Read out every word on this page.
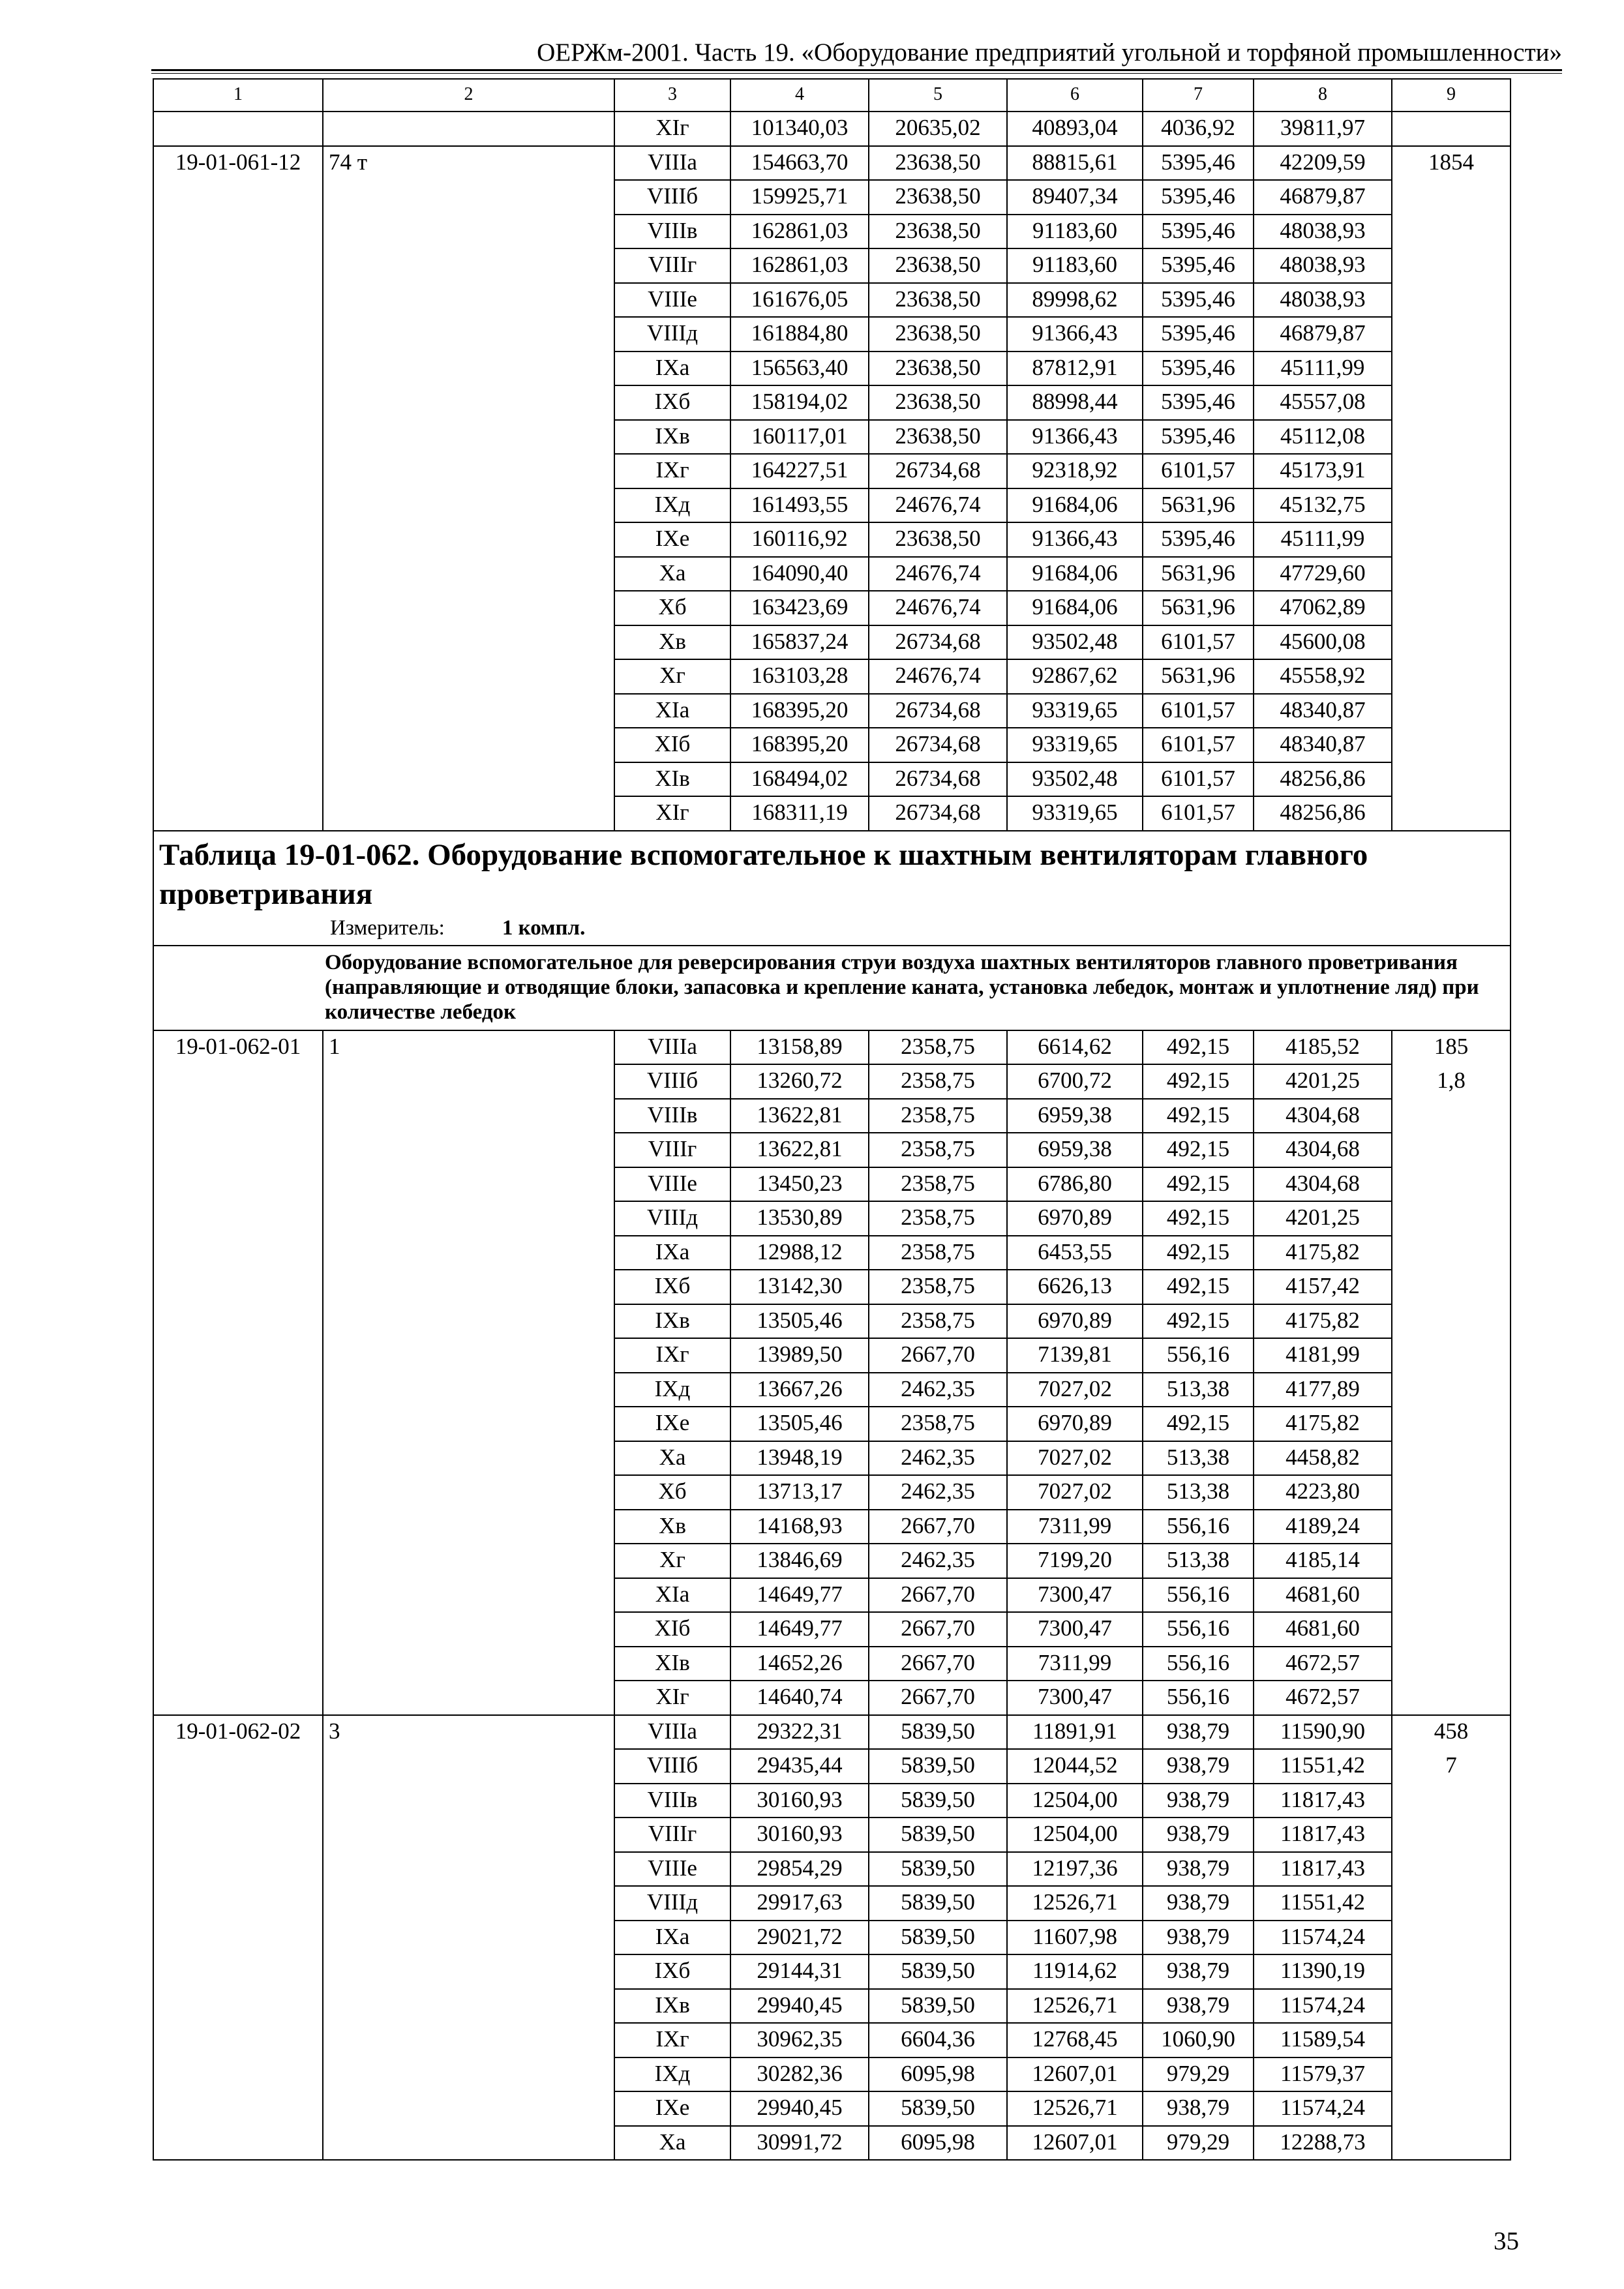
ОЕРЖм-2001. Часть 19. «Оборудование предприятий угольной и торфяной промышленности»
1	2	3	4	5	6	7	8	9
		XIг	101340,03	20635,02	40893,04	4036,92	39811,97	
19-01-061-12	74 т	VIIIа	154663,70	23638,50	88815,61	5395,46	42209,59	1854
		VIIIб	159925,71	23638,50	89407,34	5395,46	46879,87	
		VIIIв	162861,03	23638,50	91183,60	5395,46	48038,93	
		VIIIг	162861,03	23638,50	91183,60	5395,46	48038,93	
		VIIIе	161676,05	23638,50	89998,62	5395,46	48038,93	
		VIIIд	161884,80	23638,50	91366,43	5395,46	46879,87	
		IXа	156563,40	23638,50	87812,91	5395,46	45111,99	
		IXб	158194,02	23638,50	88998,44	5395,46	45557,08	
		IXв	160117,01	23638,50	91366,43	5395,46	45112,08	
		IXг	164227,51	26734,68	92318,92	6101,57	45173,91	
		IXд	161493,55	24676,74	91684,06	5631,96	45132,75	
		IXе	160116,92	23638,50	91366,43	5395,46	45111,99	
		Xа	164090,40	24676,74	91684,06	5631,96	47729,60	
		Xб	163423,69	24676,74	91684,06	5631,96	47062,89	
		Xв	165837,24	26734,68	93502,48	6101,57	45600,08	
		Xг	163103,28	24676,74	92867,62	5631,96	45558,92	
		XIа	168395,20	26734,68	93319,65	6101,57	48340,87	
		XIб	168395,20	26734,68	93319,65	6101,57	48340,87	
		XIв	168494,02	26734,68	93502,48	6101,57	48256,86	
		XIг	168311,19	26734,68	93319,65	6101,57	48256,86	

Таблица 19-01-062. Оборудование вспомогательное к шахтным вентиляторам главного проветривания
Измеритель: 1 компл.								

Оборудование вспомогательное для реверсирования струи воздуха шахтных вентиляторов главного проветривания (направляющие и отводящие блоки, запасовка и крепление каната, установка лебедок, монтаж и уплотнение ляд) при количестве лебедок								
19-01-062-01	1	VIIIа	13158,89	2358,75	6614,62	492,15	4185,52	185
		VIIIб	13260,72	2358,75	6700,72	492,15	4201,25	1,8
		VIIIв	13622,81	2358,75	6959,38	492,15	4304,68	
		VIIIг	13622,81	2358,75	6959,38	492,15	4304,68	
		VIIIе	13450,23	2358,75	6786,80	492,15	4304,68	
		VIIIд	13530,89	2358,75	6970,89	492,15	4201,25	
		IXа	12988,12	2358,75	6453,55	492,15	4175,82	
		IXб	13142,30	2358,75	6626,13	492,15	4157,42	
		IXв	13505,46	2358,75	6970,89	492,15	4175,82	
		IXг	13989,50	2667,70	7139,81	556,16	4181,99	
		IXд	13667,26	2462,35	7027,02	513,38	4177,89	
		IXе	13505,46	2358,75	6970,89	492,15	4175,82	
		Xа	13948,19	2462,35	7027,02	513,38	4458,82	
		Xб	13713,17	2462,35	7027,02	513,38	4223,80	
		Xв	14168,93	2667,70	7311,99	556,16	4189,24	
		Xг	13846,69	2462,35	7199,20	513,38	4185,14	
		XIа	14649,77	2667,70	7300,47	556,16	4681,60	
		XIб	14649,77	2667,70	7300,47	556,16	4681,60	
		XIв	14652,26	2667,70	7311,99	556,16	4672,57	
		XIг	14640,74	2667,70	7300,47	556,16	4672,57	
19-01-062-02	3	VIIIа	29322,31	5839,50	11891,91	938,79	11590,90	458
		VIIIб	29435,44	5839,50	12044,52	938,79	11551,42	7
		VIIIв	30160,93	5839,50	12504,00	938,79	11817,43	
		VIIIг	30160,93	5839,50	12504,00	938,79	11817,43	
		VIIIе	29854,29	5839,50	12197,36	938,79	11817,43	
		VIIIд	29917,63	5839,50	12526,71	938,79	11551,42	
		IXа	29021,72	5839,50	11607,98	938,79	11574,24	
		IXб	29144,31	5839,50	11914,62	938,79	11390,19	
		IXв	29940,45	5839,50	12526,71	938,79	11574,24	
		IXг	30962,35	6604,36	12768,45	1060,90	11589,54	
		IXд	30282,36	6095,98	12607,01	979,29	11579,37	
		IXе	29940,45	5839,50	12526,71	938,79	11574,24	
		Xа	30991,72	6095,98	12607,01	979,29	12288,73	
35
